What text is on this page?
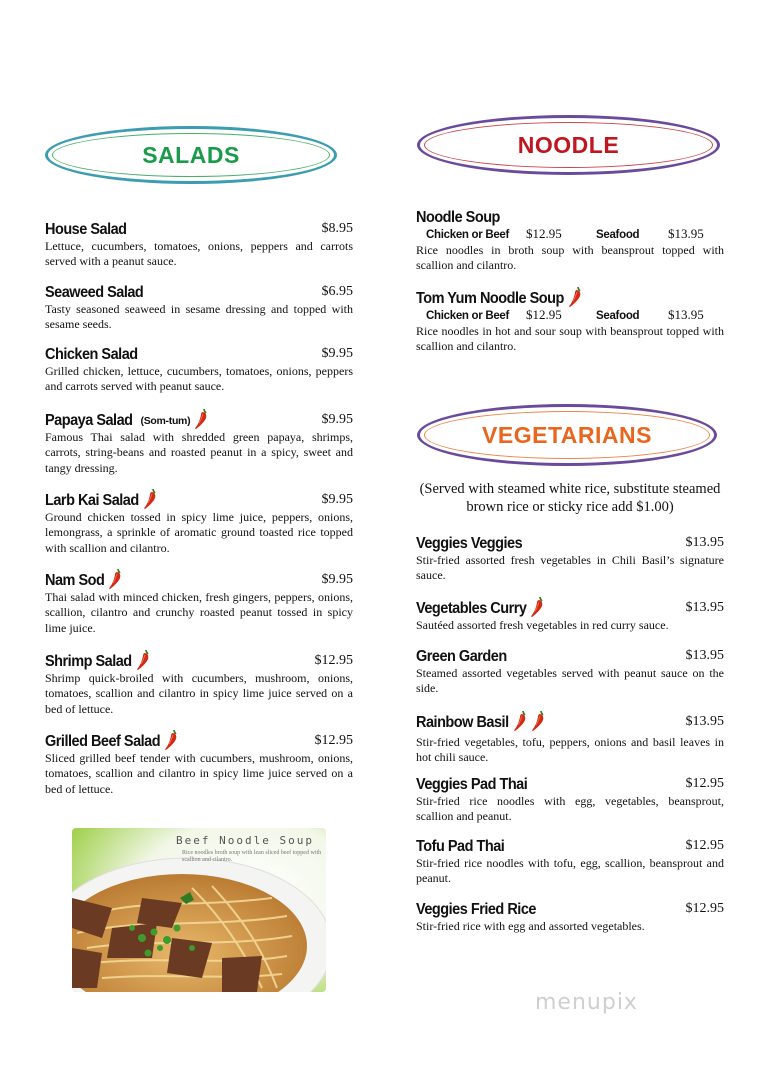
SALADS	NOODLE
VEGETARIANS
House Salad	$8.95
Lettuce, cucumbers, tomatoes, onions, peppers and carrots served with a peanut sauce.
Seaweed Salad	$6.95
Tasty seasoned seaweed in sesame dressing and topped with sesame seeds.
Chicken Salad	$9.95
Grilled chicken, lettuce, cucumbers, tomatoes, onions, peppers and carrots served with peanut sauce.
Papaya Salad (Som-tum)	$9.95
Famous Thai salad with shredded green papaya, shrimps, carrots, string-beans and roasted peanut in a spicy, sweet and tangy dressing.
Larb Kai Salad	$9.95
Ground chicken tossed in spicy lime juice, peppers, onions, lemongrass, a sprinkle of aromatic ground toasted rice topped with scallion and cilantro.
Nam Sod	$9.95
Thai salad with minced chicken, fresh gingers, peppers, onions, scallion, cilantro and crunchy roasted peanut tossed in spicy lime juice.
Shrimp Salad	$12.95
Shrimp quick-broiled with cucumbers, mushroom, onions, tomatoes, scallion and cilantro in spicy lime juice served on a bed of lettuce.
Grilled Beef Salad	$12.95
Sliced grilled beef tender with cucumbers, mushroom, onions, tomatoes, scallion and cilantro in spicy lime juice served on a bed of lettuce.
Noodle Soup
Chicken or Beef	$12.95	Seafood	$13.95
Rice noodles in broth soup with beansprout topped with scallion and cilantro.
Tom Yum Noodle Soup
Chicken or Beef	$12.95	Seafood	$13.95
Rice noodles in hot and sour soup with beansprout topped with scallion and cilantro.
(Served with steamed white rice, substitute steamed brown rice or sticky rice add $1.00)
Veggies Veggies	$13.95
Stir-fried assorted fresh vegetables in Chili Basil’s signature sauce.
Vegetables Curry	$13.95
Sautéed assorted fresh vegetables in red curry sauce.
Green Garden	$13.95
Steamed assorted vegetables served with peanut sauce on the side.
Rainbow Basil	$13.95
Stir-fried vegetables, tofu, peppers, onions and basil leaves in hot chili sauce.
Veggies Pad Thai	$12.95
Stir-fried rice noodles with egg, vegetables, beansprout, scallion and peanut.
Tofu Pad Thai	$12.95
Stir-fried rice noodles with tofu, egg, scallion, beansprout and peanut.
Veggies Fried Rice	$12.95
Stir-fried rice with egg and assorted vegetables.
Beef Noodle Soup
Rice noodles broth soup with lean sliced beef topped with scallion and cilantro.
menupix
